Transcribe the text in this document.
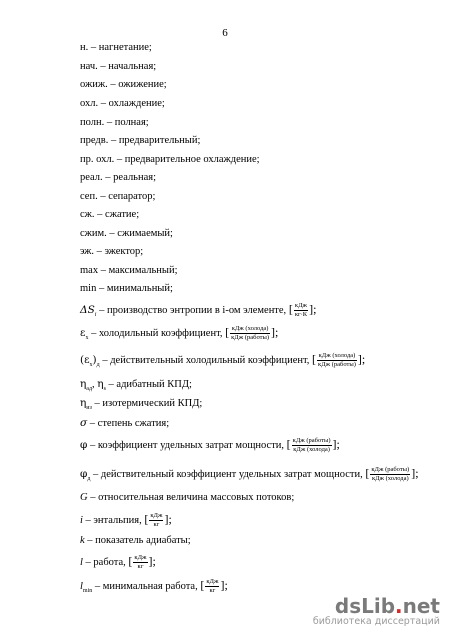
6
н. – нагнетание;
нач. – начальная;
ожиж. – ожижение;
охл. – охлаждение;
полн. – полная;
предв. – предварительный;
пр. охл. – предварительное охлаждение;
реал. – реальная;
сеп. – сепаратор;
сж. – сжатие;
сжим. – сжимаемый;
эж. – эжектор;
max – максимальный;
min – минимальный;
$\Delta S_i$ – производство энтропии в i-ом элементе, [ $\frac{\text{кДж}}{кг\cdot К}$ ];
$\varepsilon_х$ – холодильный коэффициент, [ $\frac{\text{кДж (холода)}}{\text{кДж (работы)}}$ ];
$(\varepsilon_х)_д$ – действительный холодильный коэффициент, [ $\frac{\text{кДж (холода)}}{\text{кДж (работы)}}$ ];
$\eta_{ад}$, $\eta_s$ – адибатный КПД;
$\eta_{из}$ – изотермический КПД;
σ – степень сжатия;
φ – коэффициент удельных затрат мощности, [ $\frac{\text{кДж (работы)}}{\text{кДж (холода)}}$ ];
$\varphi_д$ – действительный коэффициент удельных затрат мощности, [ $\frac{\text{кДж (работы)}}{\text{кДж (холода)}}$ ];
G – относительная величина массовых потоков;
i – энтальпия, [ $\frac{\text{кДж}}{кг}$ ];
k – показатель адиабаты;
l – работа, [ $\frac{\text{кДж}}{кг}$ ];
$l_{min}$ – минимальная работа, [ $\frac{\text{кДж}}{кг}$ ];
dsLib.net
библиотека диссертаций
